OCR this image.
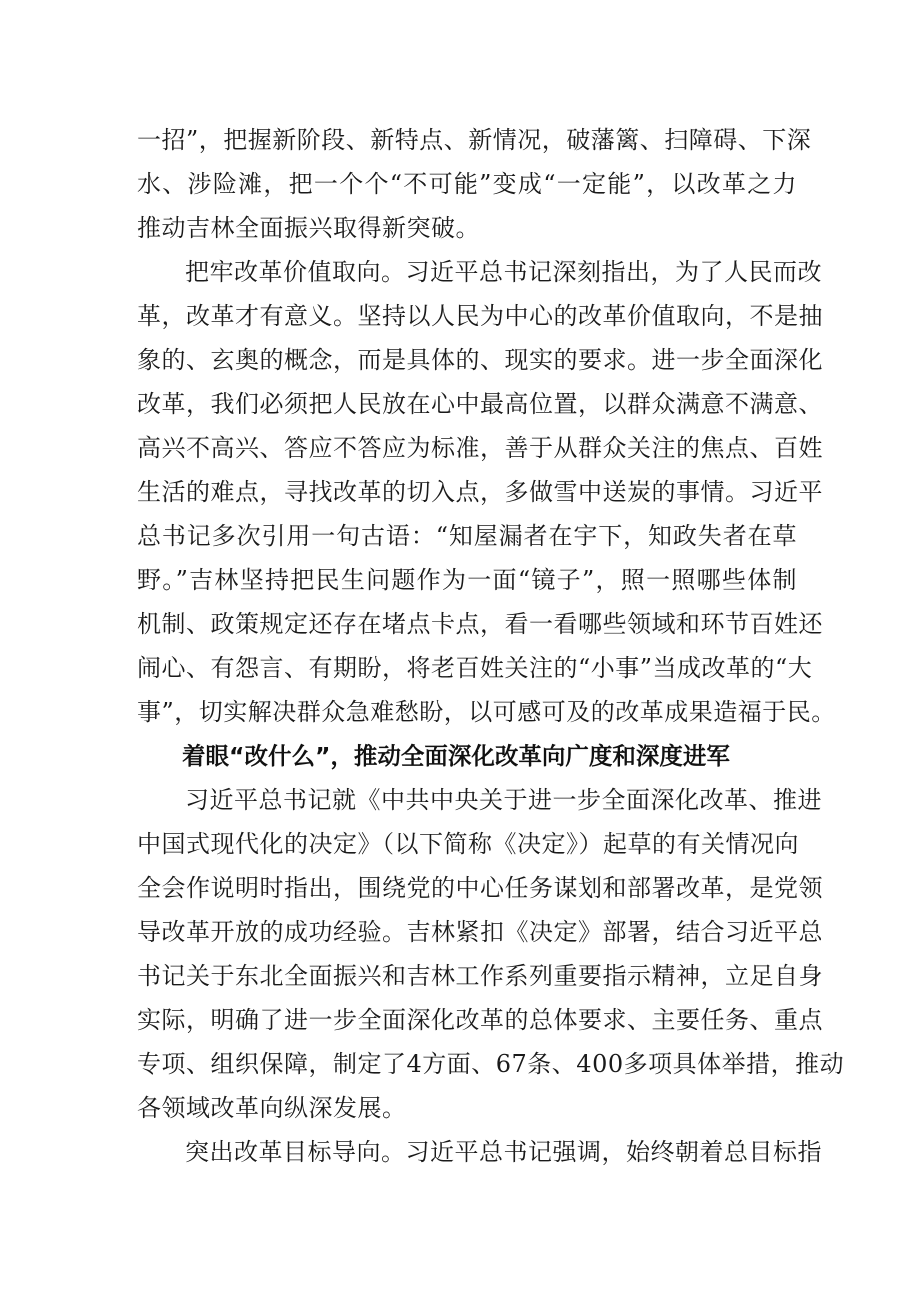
一招”，把握新阶段、新特点、新情况，破藩篱、扫障碍、下深
水、涉险滩，把一个个“不可能”变成“一定能”，以改革之力
推动吉林全面振兴取得新突破。
把牢改革价值取向。习近平总书记深刻指出，为了人民而改
革，改革才有意义。坚持以人民为中心的改革价值取向，不是抽
象的、玄奥的概念，而是具体的、现实的要求。进一步全面深化
改革，我们必须把人民放在心中最高位置，以群众满意不满意、
高兴不高兴、答应不答应为标准，善于从群众关注的焦点、百姓
生活的难点，寻找改革的切入点，多做雪中送炭的事情。习近平
总书记多次引用一句古语：“知屋漏者在宇下，知政失者在草
野。”吉林坚持把民生问题作为一面“镜子”，照一照哪些体制
机制、政策规定还存在堵点卡点，看一看哪些领域和环节百姓还
闹心、有怨言、有期盼，将老百姓关注的“小事”当成改革的“大
事”，切实解决群众急难愁盼，以可感可及的改革成果造福于民。
着眼“改什么”，推动全面深化改革向广度和深度进军
习近平总书记就《中共中央关于进一步全面深化改革、推进
中国式现代化的决定》（以下简称《决定》）起草的有关情况向
全会作说明时指出，围绕党的中心任务谋划和部署改革，是党领
导改革开放的成功经验。吉林紧扣《决定》部署，结合习近平总
书记关于东北全面振兴和吉林工作系列重要指示精神，立足自身
实际，明确了进一步全面深化改革的总体要求、主要任务、重点
专项、组织保障，制定了4方面、67条、400多项具体举措，推动
各领域改革向纵深发展。
突出改革目标导向。习近平总书记强调，始终朝着总目标指
